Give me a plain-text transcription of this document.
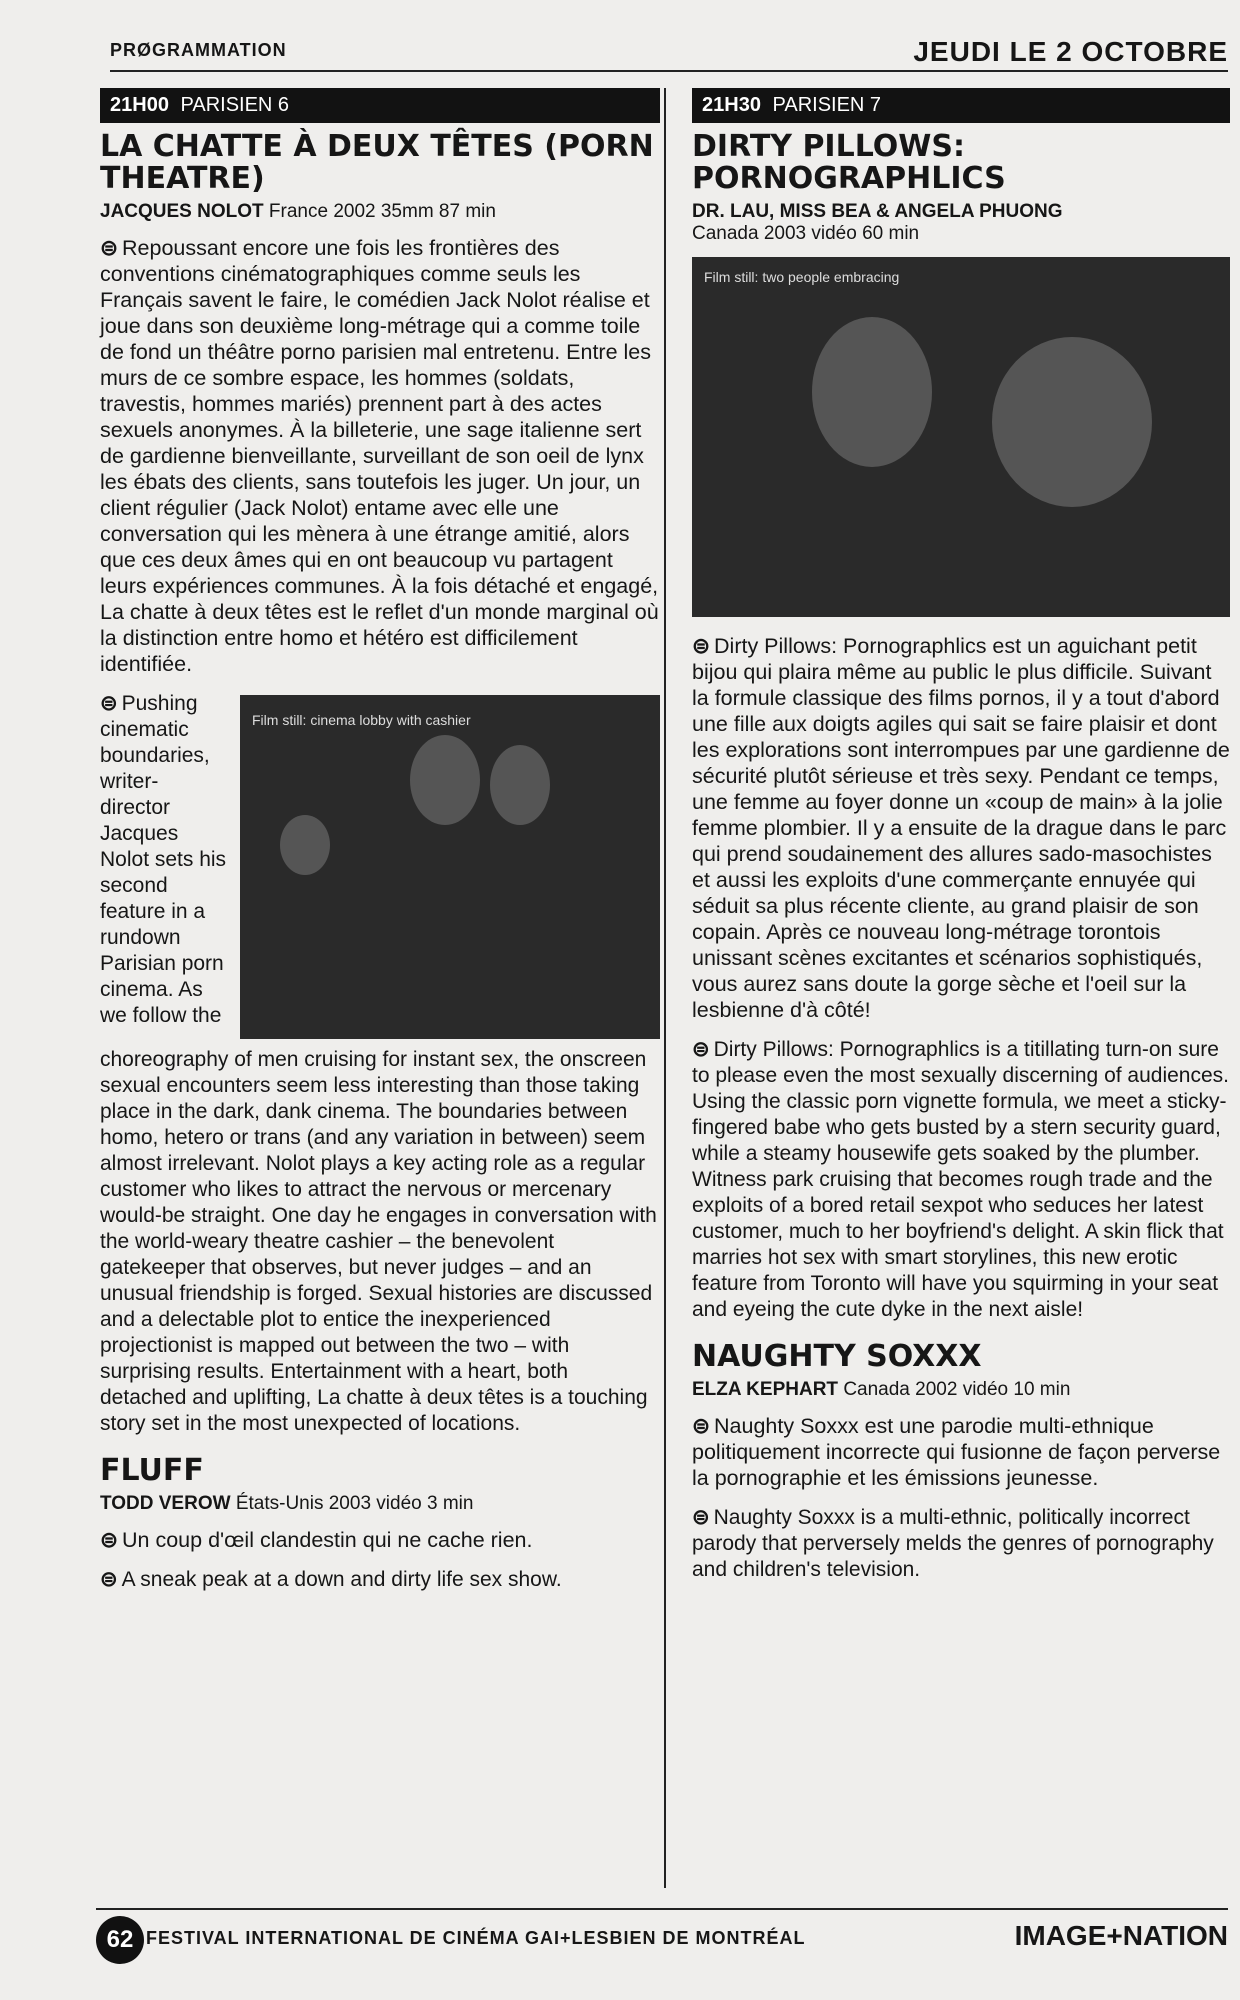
PRØGRAMMATION	JEUDI LE 2 OCTOBRE
21H00 PARISIEN 6
LA CHATTE À DEUX TÊTES (PORN THEATRE)
JACQUES NOLOT France 2002 35mm 87 min

⊜ Repoussant encore une fois les frontières des conventions cinématographiques comme seuls les Français savent le faire, le comédien Jack Nolot réalise et joue dans son deuxième long-métrage qui a comme toile de fond un théâtre porno parisien mal entretenu. Entre les murs de ce sombre espace, les hommes (soldats, travestis, hommes mariés) prennent part à des actes sexuels anonymes. À la billeterie, une sage italienne sert de gardienne bienveillante, surveillant de son oeil de lynx les ébats des clients, sans toutefois les juger. Un jour, un client régulier (Jack Nolot) entame avec elle une conversation qui les mènera à une étrange amitié, alors que ces deux âmes qui en ont beaucoup vu partagent leurs expériences communes. À la fois détaché et engagé, La chatte à deux têtes est le reflet d'un monde marginal où la distinction entre homo et hétéro est difficilement identifiée.

Film still: cinema lobby with cashier
⊜ Pushing cinematic boundaries, writer-director Jacques Nolot sets his second feature in a rundown Parisian porn cinema. As we follow the choreography of men cruising for instant sex, the onscreen sexual encounters seem less interesting than those taking place in the dark, dank cinema. The boundaries between homo, hetero or trans (and any variation in between) seem almost irrelevant. Nolot plays a key acting role as a regular customer who likes to attract the nervous or mercenary would-be straight. One day he engages in conversation with the world-weary theatre cashier – the benevolent gatekeeper that observes, but never judges – and an unusual friendship is forged. Sexual histories are discussed and a delectable plot to entice the inexperienced projectionist is mapped out between the two – with surprising results. Entertainment with a heart, both detached and uplifting, La chatte à deux têtes is a touching story set in the most unexpected of locations.

FLUFF
TODD VEROW États-Unis 2003 vidéo 3 min

⊜ Un coup d'œil clandestin qui ne cache rien.

⊜ A sneak peak at a down and dirty life sex show.

21H30 PARISIEN 7
DIRTY PILLOWS: PORNOGRAPHLICS
DR. LAU, MISS BEA & ANGELA PHUONG
Canada 2003 vidéo 60 min
Film still: two people embracing

⊜ Dirty Pillows: Pornographlics est un aguichant petit bijou qui plaira même au public le plus difficile. Suivant la formule classique des films pornos, il y a tout d'abord une fille aux doigts agiles qui sait se faire plaisir et dont les explorations sont interrompues par une gardienne de sécurité plutôt sérieuse et très sexy. Pendant ce temps, une femme au foyer donne un «coup de main» à la jolie femme plombier. Il y a ensuite de la drague dans le parc qui prend soudainement des allures sado-masochistes et aussi les exploits d'une commerçante ennuyée qui séduit sa plus récente cliente, au grand plaisir de son copain. Après ce nouveau long-métrage torontois unissant scènes excitantes et scénarios sophistiqués, vous aurez sans doute la gorge sèche et l'oeil sur la lesbienne d'à côté!

⊜ Dirty Pillows: Pornographlics is a titillating turn-on sure to please even the most sexually discerning of audiences. Using the classic porn vignette formula, we meet a sticky-fingered babe who gets busted by a stern security guard, while a steamy housewife gets soaked by the plumber. Witness park cruising that becomes rough trade and the exploits of a bored retail sexpot who seduces her latest customer, much to her boyfriend's delight. A skin flick that marries hot sex with smart storylines, this new erotic feature from Toronto will have you squirming in your seat and eyeing the cute dyke in the next aisle!

NAUGHTY SOXXX
ELZA KEPHART Canada 2002 vidéo 10 min

⊜ Naughty Soxxx est une parodie multi-ethnique politiquement incorrecte qui fusionne de façon perverse la pornographie et les émissions jeunesse.

⊜ Naughty Soxxx is a multi-ethnic, politically incorrect parody that perversely melds the genres of pornography and children's television.

62 FESTIVAL INTERNATIONAL DE CINÉMA GAI+LESBIEN DE MONTRÉAL	IMAGE+NATION
